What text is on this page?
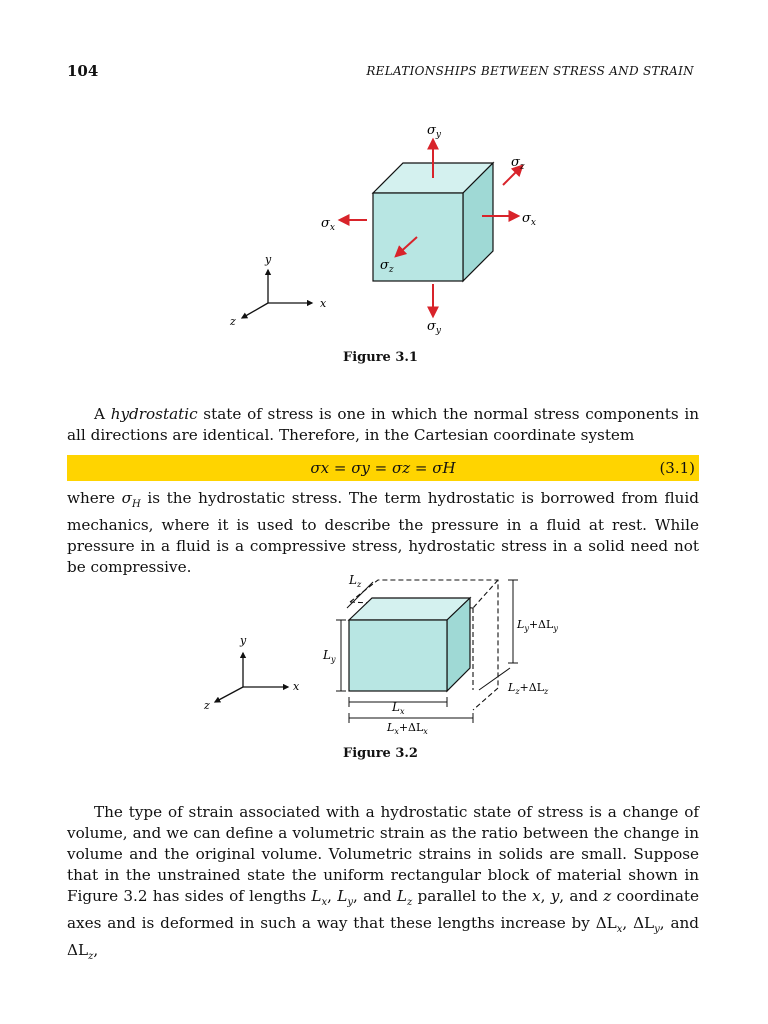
104	RELATIONSHIPS BETWEEN STRESS AND STRAIN
$\sigma_y$
$\sigma_z$
$\sigma_x$
$\sigma_x$
$\sigma_z$
$\sigma_y$
y
x
z
Figure 3.1
A hydrostatic state of stress is one in which the normal stress components in all directions are identical. Therefore, in the Cartesian coordinate system
σx = σy = σz = σH	(3.1)
where $\sigma_H$ is the hydrostatic stress. The term hydrostatic is borrowed from fluid mechanics, where it is used to describe the pressure in a fluid at rest. While pressure in a fluid is a compressive stress, hydrostatic stress in a solid need not be compressive.
$L_z$
$L_y$
$L_y+\Delta L_y$
$L_z+\Delta L_z$
$L_x$
$L_x+\Delta L_x$
y
x
z
Figure 3.2
The type of strain associated with a hydrostatic state of stress is a change of volume, and we can define a volumetric strain as the ratio between the change in volume and the original volume. Volumetric strains in solids are small. Suppose that in the unstrained state the uniform rectangular block of material shown in Figure 3.2 has sides of lengths $L_x$, $L_y$, and $L_z$ parallel to the x, y, and z coordinate axes and is deformed in such a way that these lengths increase by $\Delta L_x$, $\Delta L_y$, and $\Delta L_z$,
